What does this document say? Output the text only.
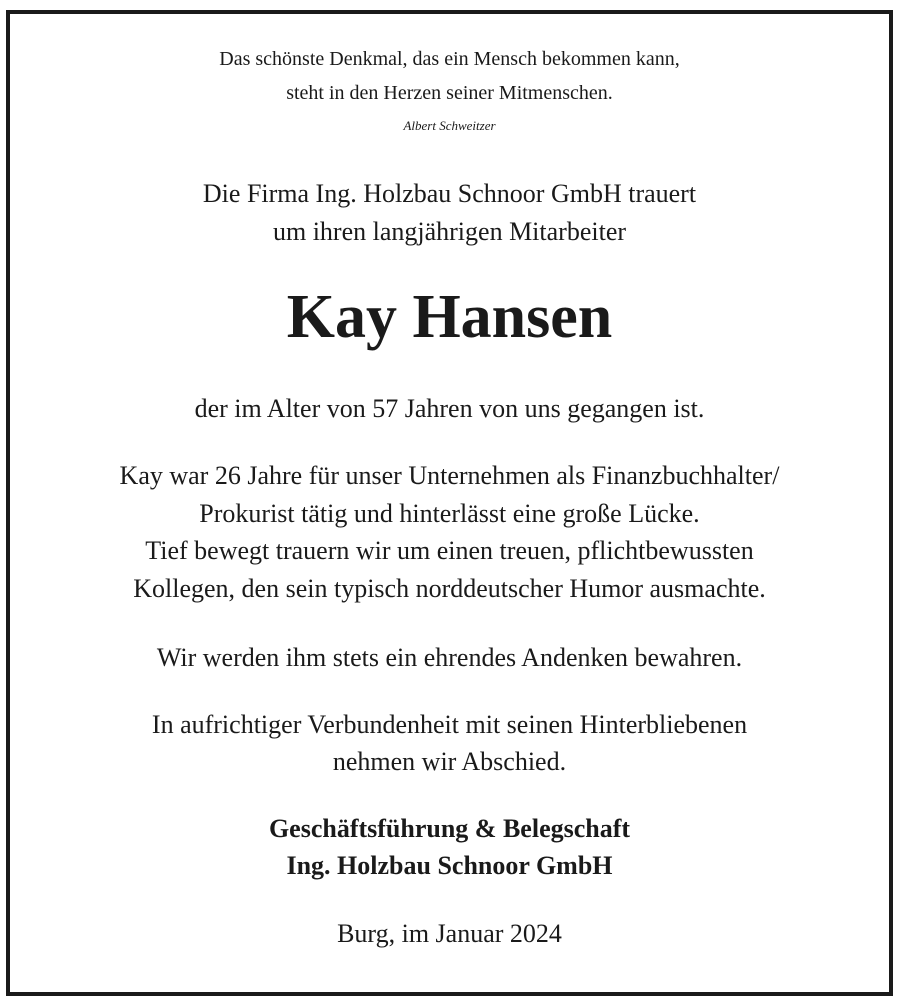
Das schönste Denkmal, das ein Mensch bekommen kann,
steht in den Herzen seiner Mitmenschen.
Albert Schweitzer
Die Firma Ing. Holzbau Schnoor GmbH trauert
um ihren langjährigen Mitarbeiter
Kay Hansen
der im Alter von 57 Jahren von uns gegangen ist.
Kay war 26 Jahre für unser Unternehmen als Finanzbuchhalter/
Prokurist tätig und hinterlässt eine große Lücke.
Tief bewegt trauern wir um einen treuen, pflichtbewussten
Kollegen, den sein typisch norddeutscher Humor ausmachte.
Wir werden ihm stets ein ehrendes Andenken bewahren.
In aufrichtiger Verbundenheit mit seinen Hinterbliebenen
nehmen wir Abschied.
Geschäftsführung & Belegschaft
Ing. Holzbau Schnoor GmbH
Burg, im Januar 2024
